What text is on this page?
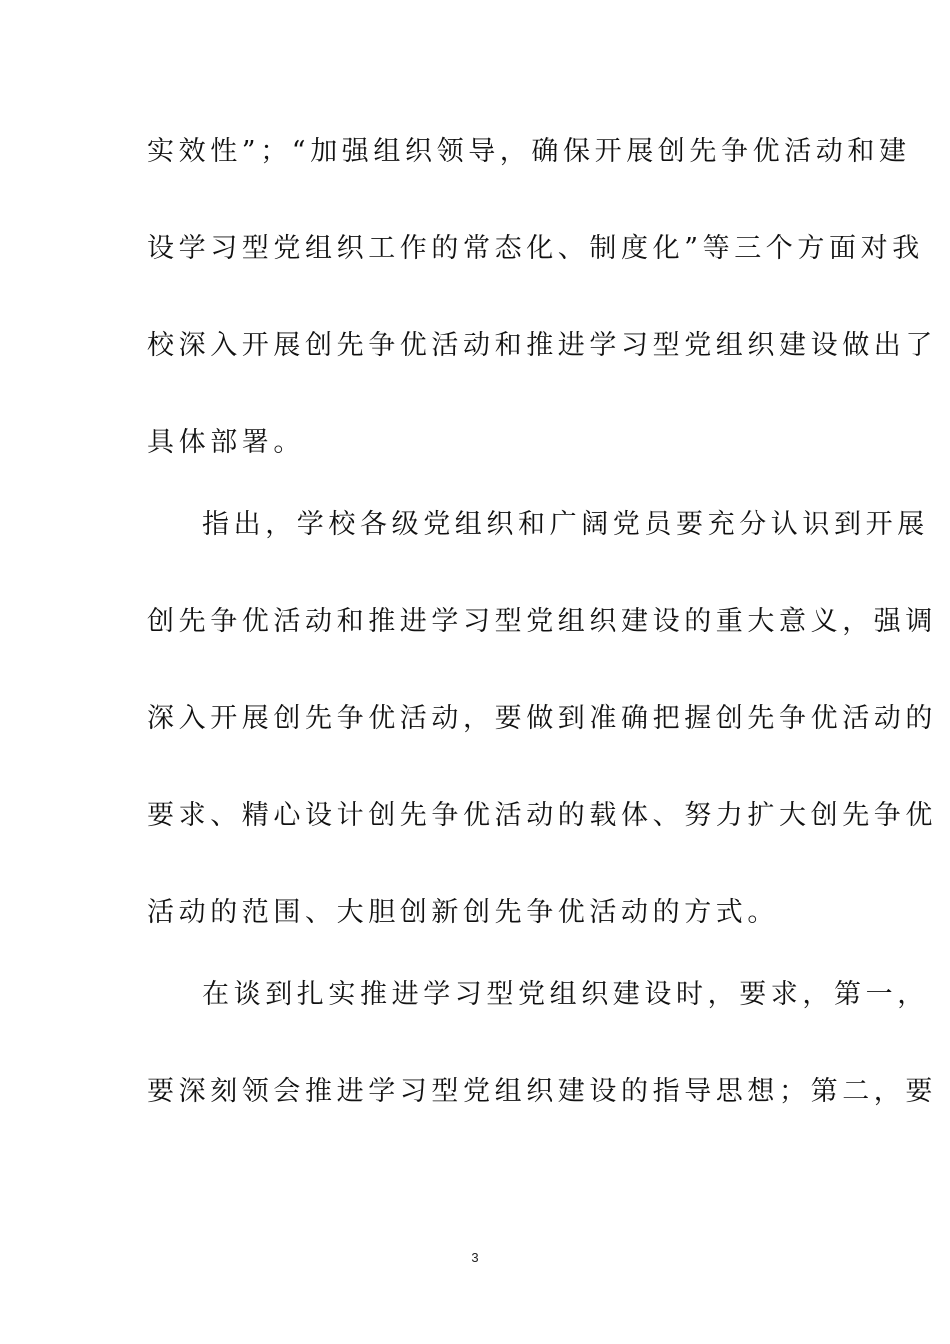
实效性”；“加强组织领导，确保开展创先争优活动和建
设学习型党组织工作的常态化、制度化”等三个方面对我
校深入开展创先争优活动和推进学习型党组织建设做出了
具体部署。
指出，学校各级党组织和广阔党员要充分认识到开展
创先争优活动和推进学习型党组织建设的重大意义，强调
深入开展创先争优活动，要做到准确把握创先争优活动的
要求、精心设计创先争优活动的载体、努力扩大创先争优
活动的范围、大胆创新创先争优活动的方式。
在谈到扎实推进学习型党组织建设时，要求，第一，
要深刻领会推进学习型党组织建设的指导思想；第二，要
3
